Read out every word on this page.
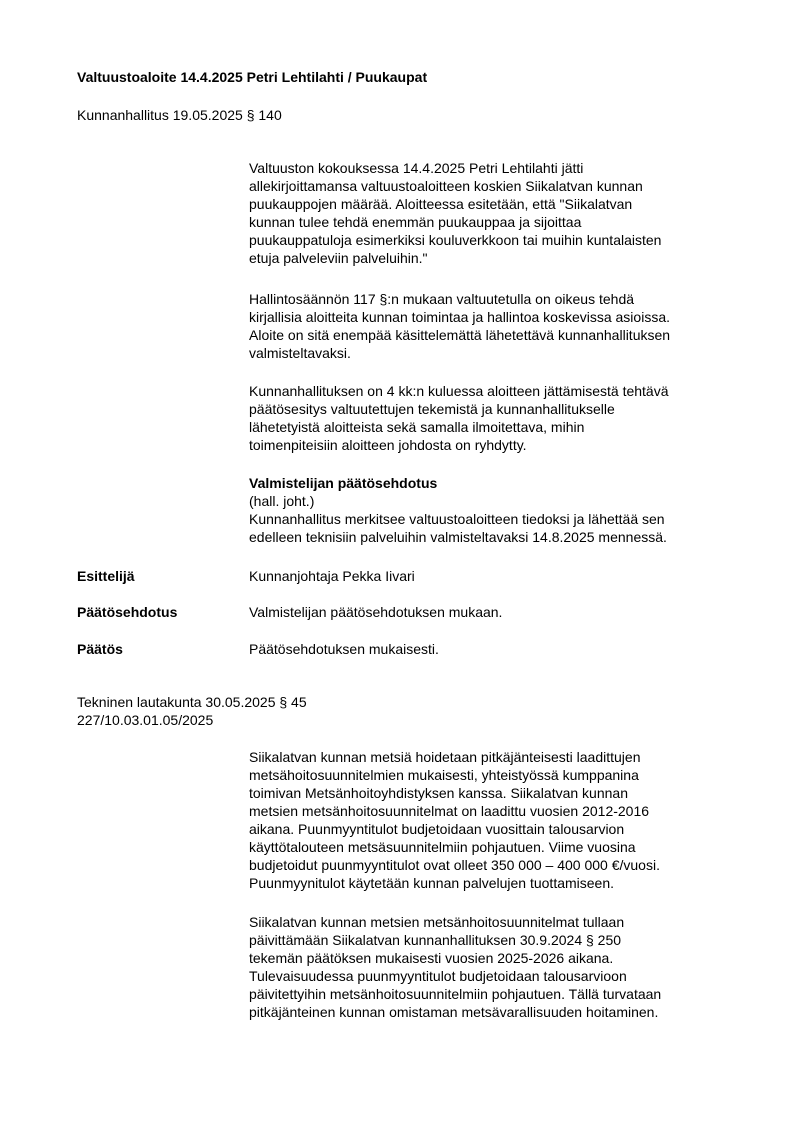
Valtuustoaloite 14.4.2025 Petri Lehtilahti / Puukaupat
Kunnanhallitus 19.05.2025 § 140
Valtuuston kokouksessa 14.4.2025 Petri Lehtilahti jätti
allekirjoittamansa valtuustoaloitteen koskien Siikalatvan kunnan
puukauppojen määrää. Aloitteessa esitetään, että "Siikalatvan
kunnan tulee tehdä enemmän puukauppaa ja sijoittaa
puukauppatuloja esimerkiksi kouluverkkoon tai muihin kuntalaisten
etuja palveleviin palveluihin."
Hallintosäännön 117 §:n mukaan valtuutetulla on oikeus tehdä
kirjallisia aloitteita kunnan toimintaa ja hallintoa koskevissa asioissa.
Aloite on sitä enempää käsittelemättä lähetettävä kunnanhallituksen
valmisteltavaksi.
Kunnanhallituksen on 4 kk:n kuluessa aloitteen jättämisestä tehtävä
päätösesitys valtuutettujen tekemistä ja kunnanhallitukselle
lähetetyistä aloitteista sekä samalla ilmoitettava, mihin
toimenpiteisiin aloitteen johdosta on ryhdytty.
Valmistelijan päätösehdotus
(hall. joht.)
Kunnanhallitus merkitsee valtuustoaloitteen tiedoksi ja lähettää sen
edelleen teknisiin palveluihin valmisteltavaksi 14.8.2025 mennessä.
Esittelijä	Kunnanjohtaja Pekka Iivari
Päätösehdotus	Valmistelijan päätösehdotuksen mukaan.
Päätös	Päätösehdotuksen mukaisesti.
Tekninen lautakunta 30.05.2025 § 45
227/10.03.01.05/2025
Siikalatvan kunnan metsiä hoidetaan pitkäjänteisesti laadittujen
metsähoitosuunnitelmien mukaisesti, yhteistyössä kumppanina
toimivan Metsänhoitoyhdistyksen kanssa. Siikalatvan kunnan
metsien metsänhoitosuunnitelmat on laadittu vuosien 2012-2016
aikana. Puunmyyntitulot budjetoidaan vuosittain talousarvion
käyttötalouteen metsäsuunnitelmiin pohjautuen. Viime vuosina
budjetoidut puunmyyntitulot ovat olleet 350 000 – 400 000 €/vuosi.
Puunmyynitulot käytetään kunnan palvelujen tuottamiseen.
Siikalatvan kunnan metsien metsänhoitosuunnitelmat tullaan
päivittämään Siikalatvan kunnanhallituksen 30.9.2024 § 250
tekemän päätöksen mukaisesti vuosien 2025-2026 aikana.
Tulevaisuudessa puunmyyntitulot budjetoidaan talousarvioon
päivitettyihin metsänhoitosuunnitelmiin pohjautuen. Tällä turvataan
pitkäjänteinen kunnan omistaman metsävarallisuuden hoitaminen.
